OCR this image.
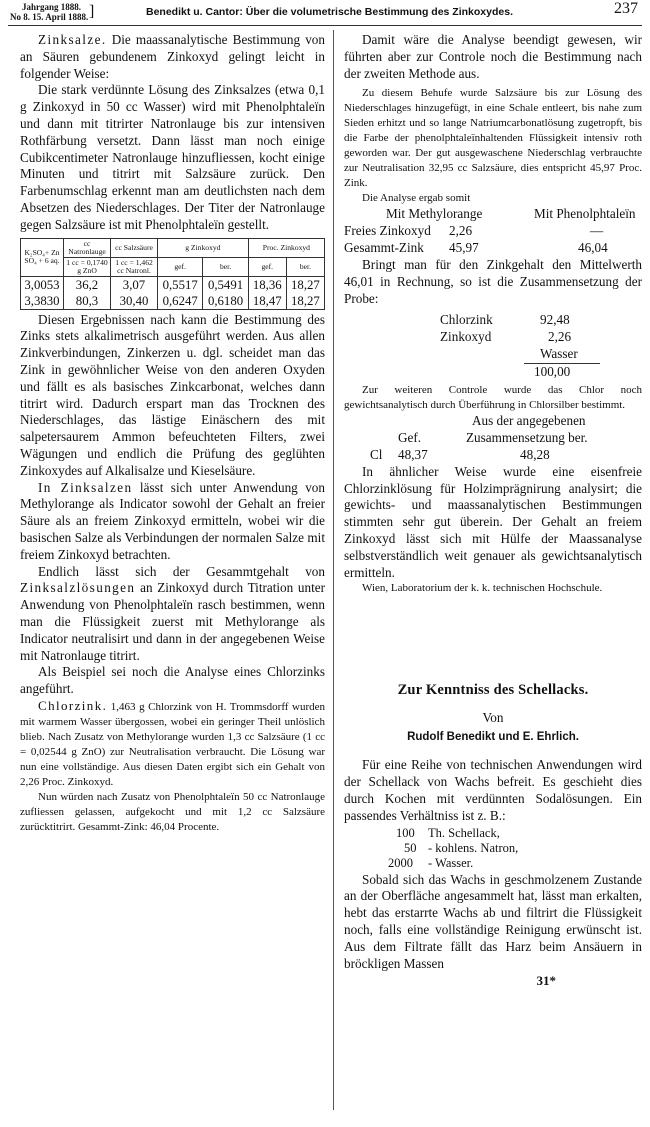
Jahrgang 1888.
No 8. 15. April 1888. ]	Benedikt u. Cantor: Über die volumetrische Bestimmung des Zinkoxydes.	237

Zinksalze. Die maassanalytische Bestimmung von an Säuren gebundenem Zinkoxyd gelingt leicht in folgender Weise:

Die stark verdünnte Lösung des Zinksalzes (etwa 0,1 g Zinkoxyd in 50 cc Wasser) wird mit Phenolphtaleïn und dann mit titrirter Natronlauge bis zur intensiven Rothfärbung versetzt. Dann lässt man noch einige Cubikcentimeter Natronlauge hinzufliessen, kocht einige Minuten und titrirt mit Salzsäure zurück. Den Farbenumschlag erkennt man am deutlichsten nach dem Absetzen des Niederschlages. Der Titer der Natronlauge gegen Salzsäure ist mit Phenolphtaleïn gestellt.

K₂SO₄+ Zn SO₄ + 6 aq.	cc Natronlauge	cc Salzsäure	g Zinkoxyd		Proc. Zinkoxyd	
	1 cc = 0,1740 g ZnO	1 cc = 1,462 cc Natronl.	gef.	ber.	gef.	ber.
3,0053	36,2	3,07	0,5517	0,5491	18,36	18,27
3,3830	80,3	30,40	0,6247	0,6180	18,47	18,27

Diesen Ergebnissen nach kann die Bestimmung des Zinks stets alkalimetrisch ausgeführt werden. Aus allen Zinkverbindungen, Zinkerzen u. dgl. scheidet man das Zink in gewöhnlicher Weise von den anderen Oxyden und fällt es als basisches Zinkcarbonat, welches dann titrirt wird. Dadurch erspart man das Trocknen des Niederschlages, das lästige Einäschern des mit salpetersaurem Ammon befeuchteten Filters, zwei Wägungen und endlich die Prüfung des geglühten Zinkoxydes auf Alkalisalze und Kieselsäure.

In Zinksalzen lässt sich unter Anwendung von Methylorange als Indicator sowohl der Gehalt an freier Säure als an freiem Zinkoxyd ermitteln, wobei wir die basischen Salze als Verbindungen der normalen Salze mit freiem Zinkoxyd betrachten.

Endlich lässt sich der Gesammtgehalt von Zinksalzlösungen an Zinkoxyd durch Titration unter Anwendung von Phenolphtaleïn rasch bestimmen, wenn man die Flüssigkeit zuerst mit Methylorange als Indicator neutralisirt und dann in der angegebenen Weise mit Natronlauge titrirt.

Als Beispiel sei noch die Analyse eines Chlorzinks angeführt.

Chlorzink. 1,463 g Chlorzink von H. Trommsdorff wurden mit warmem Wasser übergossen, wobei ein geringer Theil unlöslich blieb. Nach Zusatz von Methylorange wurden 1,3 cc Salzsäure (1 cc = 0,02544 g ZnO) zur Neutralisation verbraucht. Die Lösung war nun eine vollständige. Aus diesen Daten ergibt sich ein Gehalt von 2,26 Proc. Zinkoxyd.

Nun würden nach Zusatz von Phenolphtaleïn 50 cc Natronlauge zufliessen gelassen, aufgekocht und mit 1,2 cc Salzsäure zurücktitrirt. Gesammt-Zink: 46,04 Procente.

Damit wäre die Analyse beendigt gewesen, wir führten aber zur Controle noch die Bestimmung nach der zweiten Methode aus.

Zu diesem Behufe wurde Salzsäure bis zur Lösung des Niederschlages hinzugefügt, in eine Schale entleert, bis nahe zum Sieden erhitzt und so lange Natriumcarbonatlösung zugetropft, bis die Farbe der phenolphtaleïnhaltenden Flüssigkeit intensiv roth geworden war. Der gut ausgewaschene Niederschlag verbrauchte zur Neutralisation 32,95 cc Salzsäure, dies entspricht 45,97 Proc. Zink.

Die Analyse ergab somit

Mit Methylorange	Mit Phenolphtaleïn
Freies Zinkoxyd 2,26	—
Gesammt-Zink 45,97	46,04

Bringt man für den Zinkgehalt den Mittelwerth 46,01 in Rechnung, so ist die Zusammensetzung der Probe:

Chlorzink	92,48
Zinkoxyd	2,26
Wasser
100,00

Zur weiteren Controle wurde das Chlor noch gewichtsanalytisch durch Überführung in Chlorsilber bestimmt.

Aus der angegebenen
Gef.	Zusammensetzung ber.
Cl 48,37	48,28

In ähnlicher Weise wurde eine eisenfreie Chlorzinklösung für Holzimprägnirung analysirt; die gewichts- und maassanalytischen Bestimmungen stimmten sehr gut überein. Der Gehalt an freiem Zinkoxyd lässt sich mit Hülfe der Maassanalyse selbstverständlich weit genauer als gewichtsanalytisch ermitteln.

Wien, Laboratorium der k. k. technischen Hochschule.

Zur Kenntniss des Schellacks.
Von
Rudolf Benedikt und E. Ehrlich.

Für eine Reihe von technischen Anwendungen wird der Schellack von Wachs befreit. Es geschieht dies durch Kochen mit verdünnten Sodalösungen. Ein passendes Verhältniss ist z. B.:

100 Th. Schellack,
50 - kohlens. Natron,
2000 - Wasser.

Sobald sich das Wachs in geschmolzenem Zustande an der Oberfläche angesammelt hat, lässt man erkalten, hebt das erstarrte Wachs ab und filtrirt die Flüssigkeit noch, falls eine vollständige Reinigung erwünscht ist. Aus dem Filtrate fällt das Harz beim Ansäuern in bröckligen Massen

31*
